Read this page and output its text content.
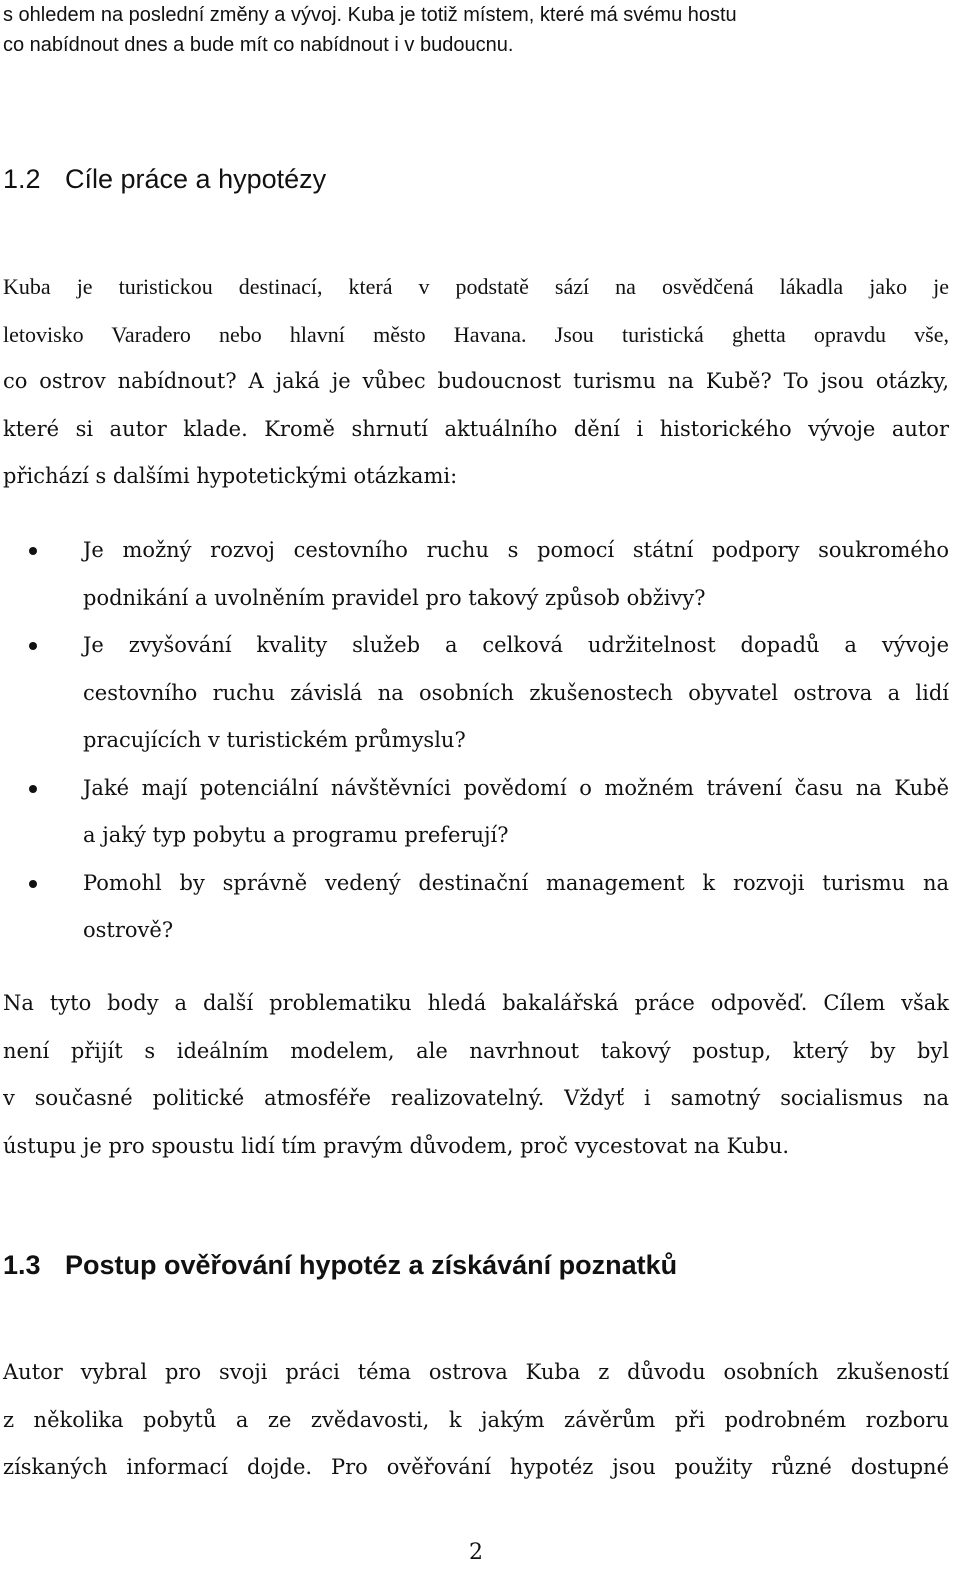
s ohledem na poslední změny a vývoj. Kuba je totiž místem, které má svému hostu
co nabídnout dnes a bude mít co nabídnout i v budoucnu.

1.2 Cíle práce a hypotézy
Kuba je turistickou destinací, která v podstatě sází na osvědčená lákadla jako je
letovisko Varadero nebo hlavní město Havana. Jsou turistická ghetta opravdu vše,
co ostrov nabídnout? A jaká je vůbec budoucnost turismu na Kubě? To jsou otázky,
které si autor klade. Kromě shrnutí aktuálního dění i historického vývoje autor
přichází s dalšími hypotetickými otázkami:
Je možný rozvoj cestovního ruchu s pomocí státní podpory soukromého
podnikání a uvolněním pravidel pro takový způsob obživy?
Je zvyšování kvality služeb a celková udržitelnost dopadů a vývoje
cestovního ruchu závislá na osobních zkušenostech obyvatel ostrova a lidí
pracujících v turistickém průmyslu?
Jaké mají potenciální návštěvníci povědomí o možném trávení času na Kubě
a jaký typ pobytu a programu preferují?
Pomohl by správně vedený destinační management k rozvoji turismu na
ostrově?
Na tyto body a další problematiku hledá bakalářská práce odpověď. Cílem však
není přijít s ideálním modelem, ale navrhnout takový postup, který by byl
v současné politické atmosféře realizovatelný. Vždyť i samotný socialismus na
ústupu je pro spoustu lidí tím pravým důvodem, proč vycestovat na Kubu.
1.3 Postup ověřování hypotéz a získávání poznatků
Autor vybral pro svoji práci téma ostrova Kuba z důvodu osobních zkušeností
z několika pobytů a ze zvědavosti, k jakým závěrům při podrobném rozboru
získaných informací dojde. Pro ověřování hypotéz jsou použity různé dostupné

2
